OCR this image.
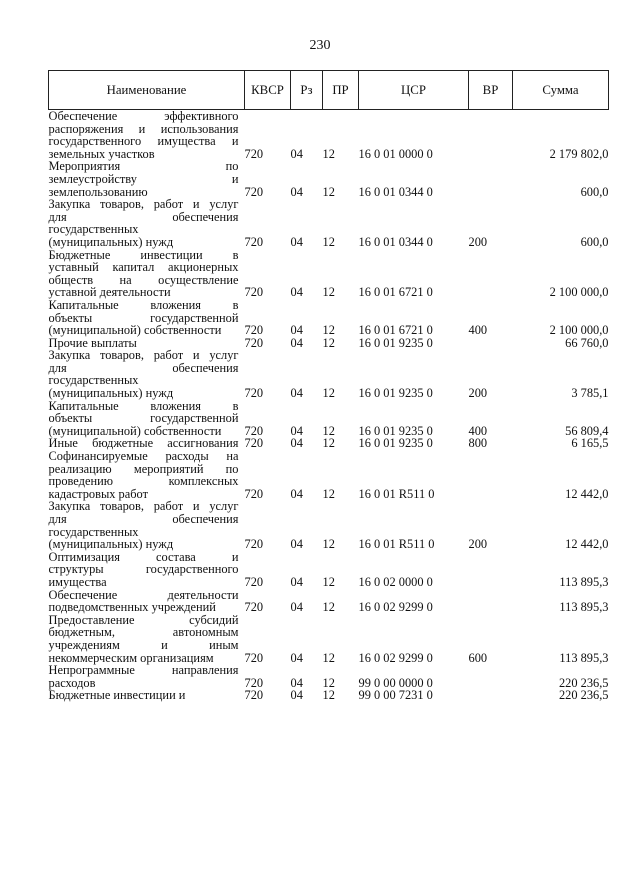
230
Наименование	КВСР	Рз	ПР	ЦСР	ВР	Сумма

Обеспечение эффективного
распоряжения и использования
государственного имущества и
земельных участков	720	04	12	16 0 01 0000 0		2 179 802,0

Мероприятия по
землеустройству и
землепользованию	720	04	12	16 0 01 0344 0		600,0

Закупка товаров, работ и услуг
для обеспечения
государственных
(муниципальных) нужд	720	04	12	16 0 01 0344 0	200	600,0

Бюджетные инвестиции в
уставный капитал акционерных
обществ на осуществление
уставной деятельности	720	04	12	16 0 01 6721 0		2 100 000,0

Капитальные вложения в
объекты государственной
(муниципальной) собственности	720	04	12	16 0 01 6721 0	400	2 100 000,0

Прочие выплаты	720	04	12	16 0 01 9235 0		66 760,0

Закупка товаров, работ и услуг
для обеспечения
государственных
(муниципальных) нужд	720	04	12	16 0 01 9235 0	200	3 785,1

Капитальные вложения в
объекты государственной
(муниципальной) собственности	720	04	12	16 0 01 9235 0	400	56 809,4

Иные бюджетные ассигнования	720	04	12	16 0 01 9235 0	800	6 165,5

Софинансируемые расходы на
реализацию мероприятий по
проведению комплексных
кадастровых работ	720	04	12	16 0 01 R511 0		12 442,0

Закупка товаров, работ и услуг
для обеспечения
государственных
(муниципальных) нужд	720	04	12	16 0 01 R511 0	200	12 442,0

Оптимизация состава и
структуры государственного
имущества	720	04	12	16 0 02 0000 0		113 895,3

Обеспечение деятельности
подведомственных учреждений	720	04	12	16 0 02 9299 0		113 895,3

Предоставление субсидий
бюджетным, автономным
учреждениям и иным
некоммерческим организациям	720	04	12	16 0 02 9299 0	600	113 895,3

Непрограммные направления
расходов	720	04	12	99 0 00 0000 0		220 236,5

Бюджетные инвестиции и	720	04	12	99 0 00 7231 0		220 236,5
